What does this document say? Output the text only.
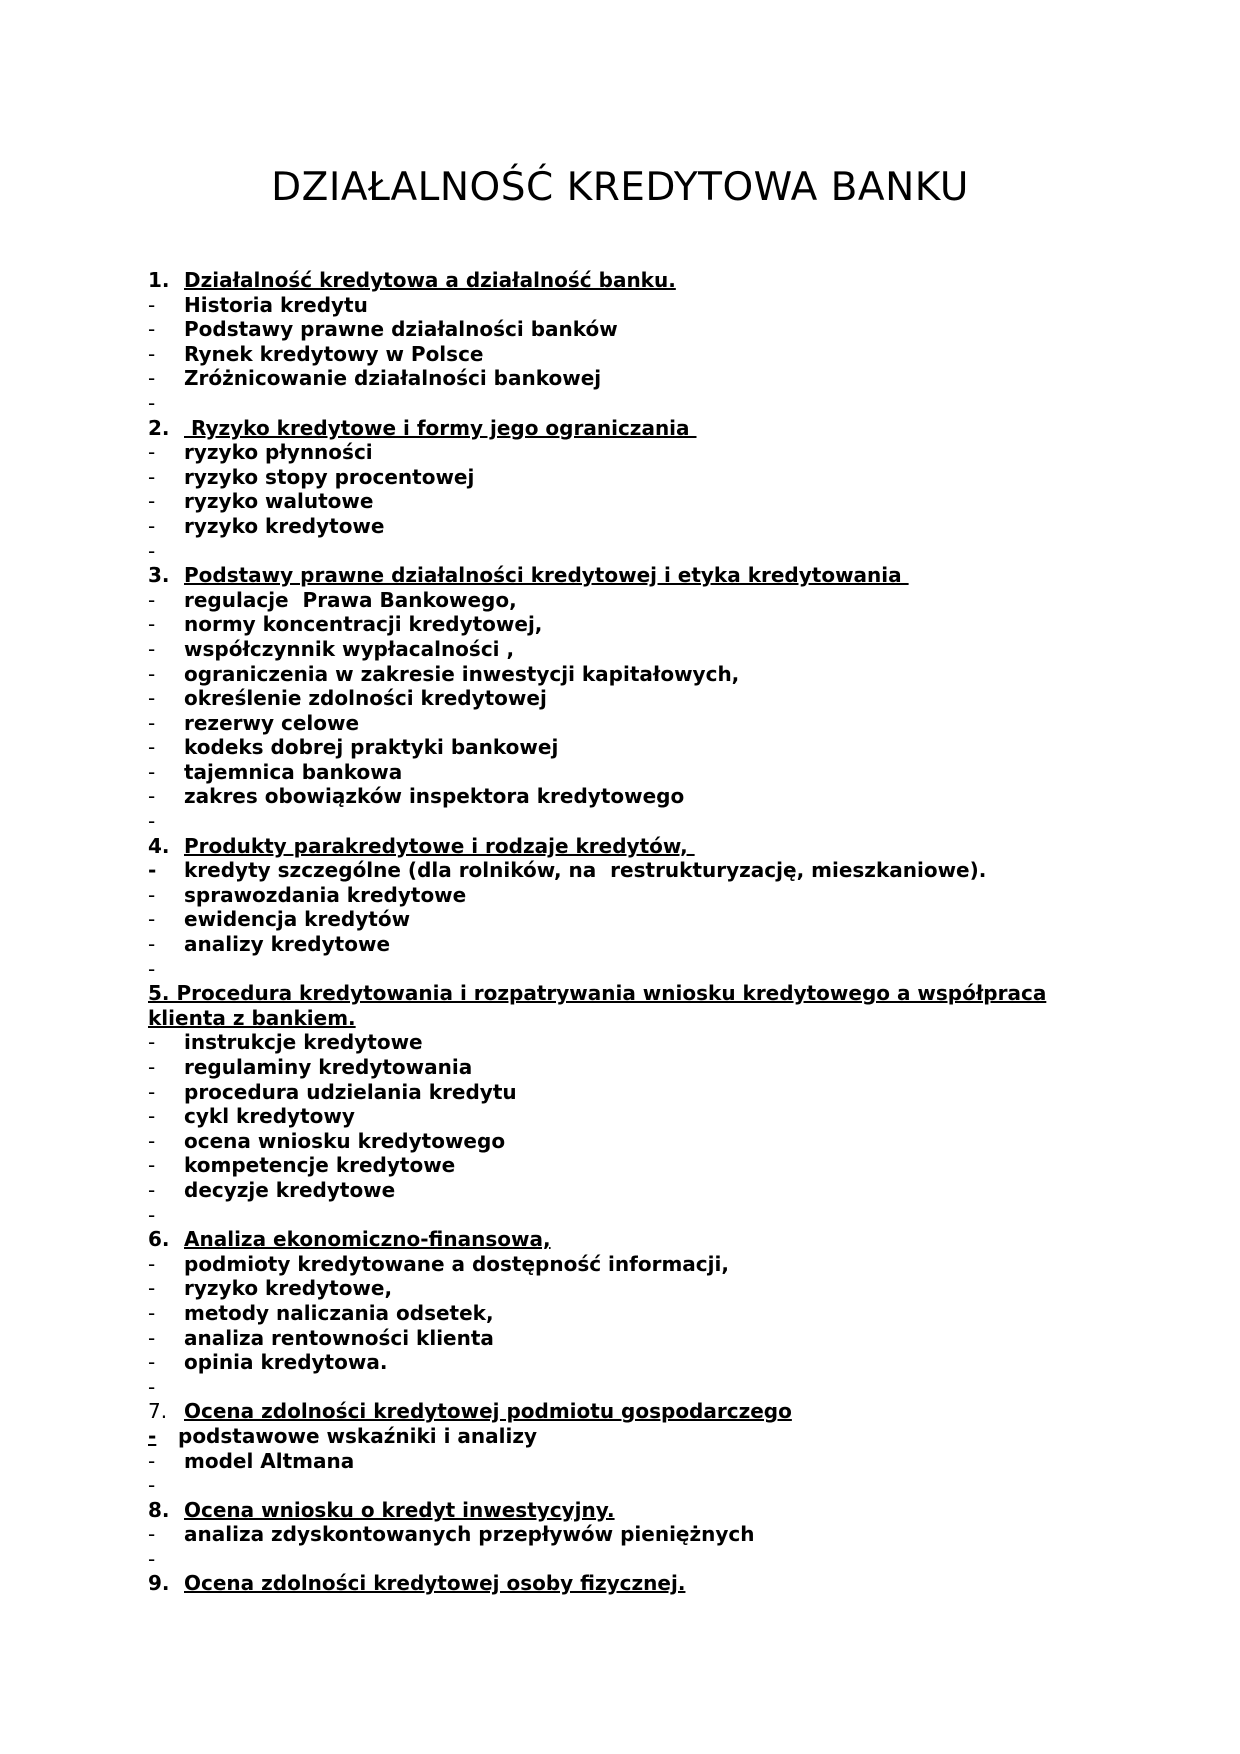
DZIAŁALNOŚĆ KREDYTOWA BANKU
1. Działalność kredytowa a działalność banku.
-	Historia kredytu
-	Podstawy prawne działalności banków
-	Rynek kredytowy w Polsce
-	Zróżnicowanie działalności bankowej
-
2. Ryzyko kredytowe i formy jego ograniczania
-	ryzyko płynności
-	ryzyko stopy procentowej
-	ryzyko walutowe
-	ryzyko kredytowe
-
3. Podstawy prawne działalności kredytowej i etyka kredytowania
-	regulacje  Prawa Bankowego,
-	normy koncentracji kredytowej,
-	współczynnik wypłacalności ,
-	ograniczenia w zakresie inwestycji kapitałowych,
-	określenie zdolności kredytowej
-	rezerwy celowe
-	kodeks dobrej praktyki bankowej
-	tajemnica bankowa
-	zakres obowiązków inspektora kredytowego
-
4. Produkty parakredytowe i rodzaje kredytów,
-	kredyty szczególne (dla rolników, na  restrukturyzację, mieszkaniowe).
-	sprawozdania kredytowe
-	ewidencja kredytów
-	analizy kredytowe
-
5. Procedura kredytowania i rozpatrywania wniosku kredytowego a współpraca
klienta z bankiem.
-	instrukcje kredytowe
-	regulaminy kredytowania
-	procedura udzielania kredytu
-	cykl kredytowy
-	ocena wniosku kredytowego
-	kompetencje kredytowe
-	decyzje kredytowe
-
6. Analiza ekonomiczno-finansowa,
-	podmioty kredytowane a dostępność informacji,
-	ryzyko kredytowe,
-	metody naliczania odsetek,
-	analiza rentowności klienta
-	opinia kredytowa.
-
7. Ocena zdolności kredytowej podmiotu gospodarczego
-	podstawowe wskaźniki i analizy
-	model Altmana
-
8. Ocena wniosku o kredyt inwestycyjny.
-	analiza zdyskontowanych przepływów pieniężnych
-
9. Ocena zdolności kredytowej osoby fizycznej.
